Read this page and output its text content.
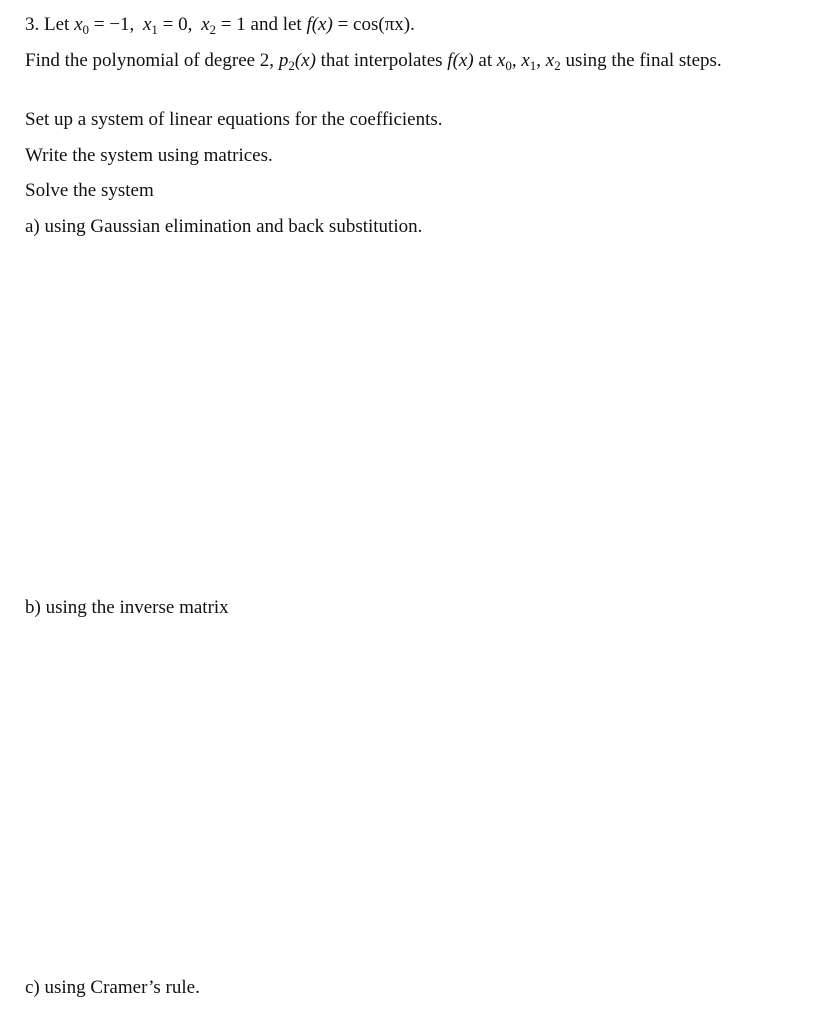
3. Let $x_0 = -1$, $x_1 = 0$, $x_2 = 1$ and let f(x) = cos(πx).
Find the polynomial of degree 2, $p_2(x)$ that interpolates f(x) at $x_0$, $x_1$, $x_2$ using the final steps.
Set up a system of linear equations for the coefficients.
Write the system using matrices.
Solve the system
a) using Gaussian elimination and back substitution.
b) using the inverse matrix
c) using Cramer’s rule.
